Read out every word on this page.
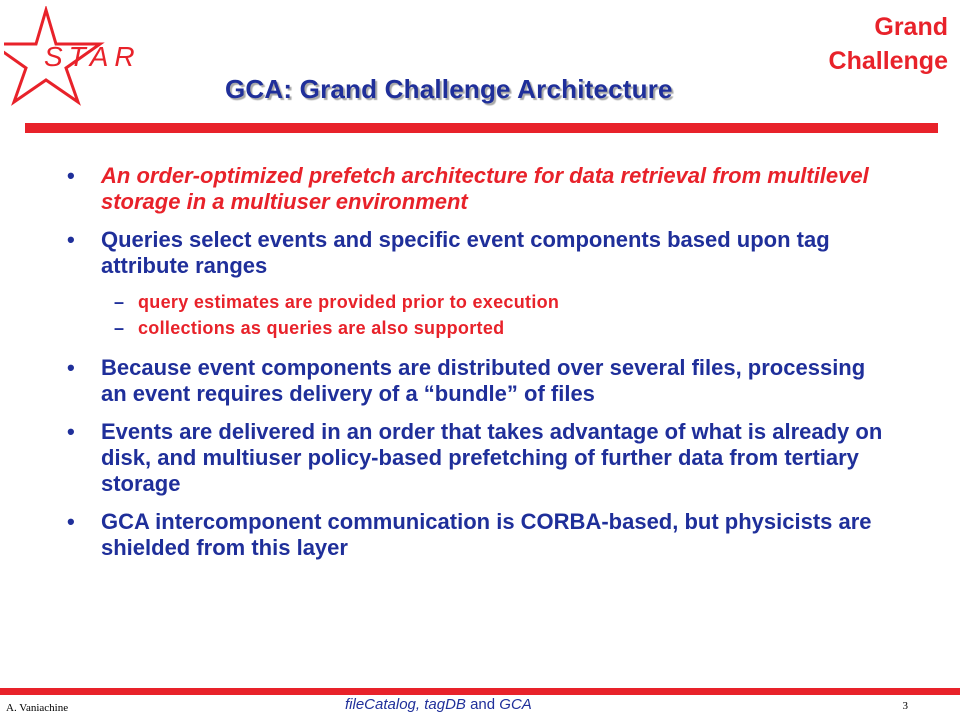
STAR
Grand
Challenge
GCA: Grand Challenge Architecture
• An order-optimized prefetch architecture for data retrieval from multilevel storage in a multiuser environment
• Queries select events and specific event components based upon tag attribute ranges
– query estimates are provided prior to execution
– collections as queries are also supported
• Because event components are distributed over several files, processing an event requires delivery of a “bundle” of files
• Events are delivered in an order that takes advantage of what is already on disk, and multiuser policy-based prefetching of further data from tertiary storage
• GCA intercomponent communication is CORBA-based, but physicists are shielded from this layer
A. Vaniachine	fileCatalog, tagDB and GCA	3
